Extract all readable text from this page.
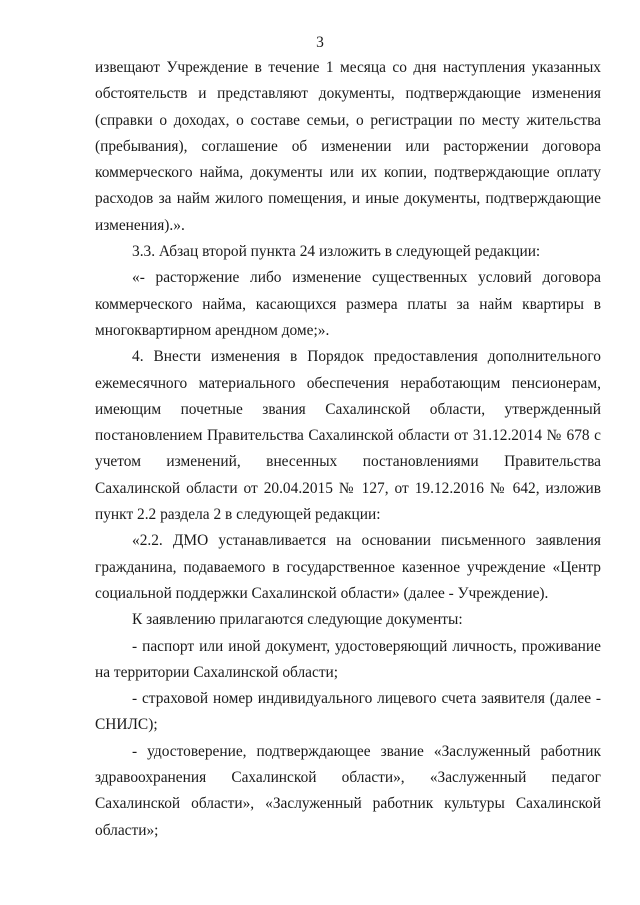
3

извещают Учреждение в течение 1 месяца со дня наступления указанных обстоятельств и представляют документы, подтверждающие изменения (справки о доходах, о составе семьи, о регистрации по месту жительства (пребывания), соглашение об изменении или расторжении договора коммерческого найма, документы или их копии, подтверждающие оплату расходов за найм жилого помещения, и иные документы, подтверждающие изменения).».

3.3. Абзац второй пункта 24 изложить в следующей редакции:

«- расторжение либо изменение существенных условий договора коммерческого найма, касающихся размера платы за найм квартиры в многоквартирном арендном доме;».

4. Внести изменения в Порядок предоставления дополнительного ежемесячного материального обеспечения неработающим пенсионерам, имеющим почетные звания Сахалинской области, утвержденный постановлением Правительства Сахалинской области от 31.12.2014 № 678 с учетом изменений, внесенных постановлениями Правительства Сахалинской области от 20.04.2015 № 127, от 19.12.2016 № 642, изложив пункт 2.2 раздела 2 в следующей редакции:

«2.2. ДМО устанавливается на основании письменного заявления гражданина, подаваемого в государственное казенное учреждение «Центр социальной поддержки Сахалинской области» (далее - Учреждение).

К заявлению прилагаются следующие документы:

- паспорт или иной документ, удостоверяющий личность, проживание на территории Сахалинской области;

- страховой номер индивидуального лицевого счета заявителя (далее - СНИЛС);

- удостоверение, подтверждающее звание «Заслуженный работник здравоохранения Сахалинской области», «Заслуженный педагог Сахалинской области», «Заслуженный работник культуры Сахалинской области»;
